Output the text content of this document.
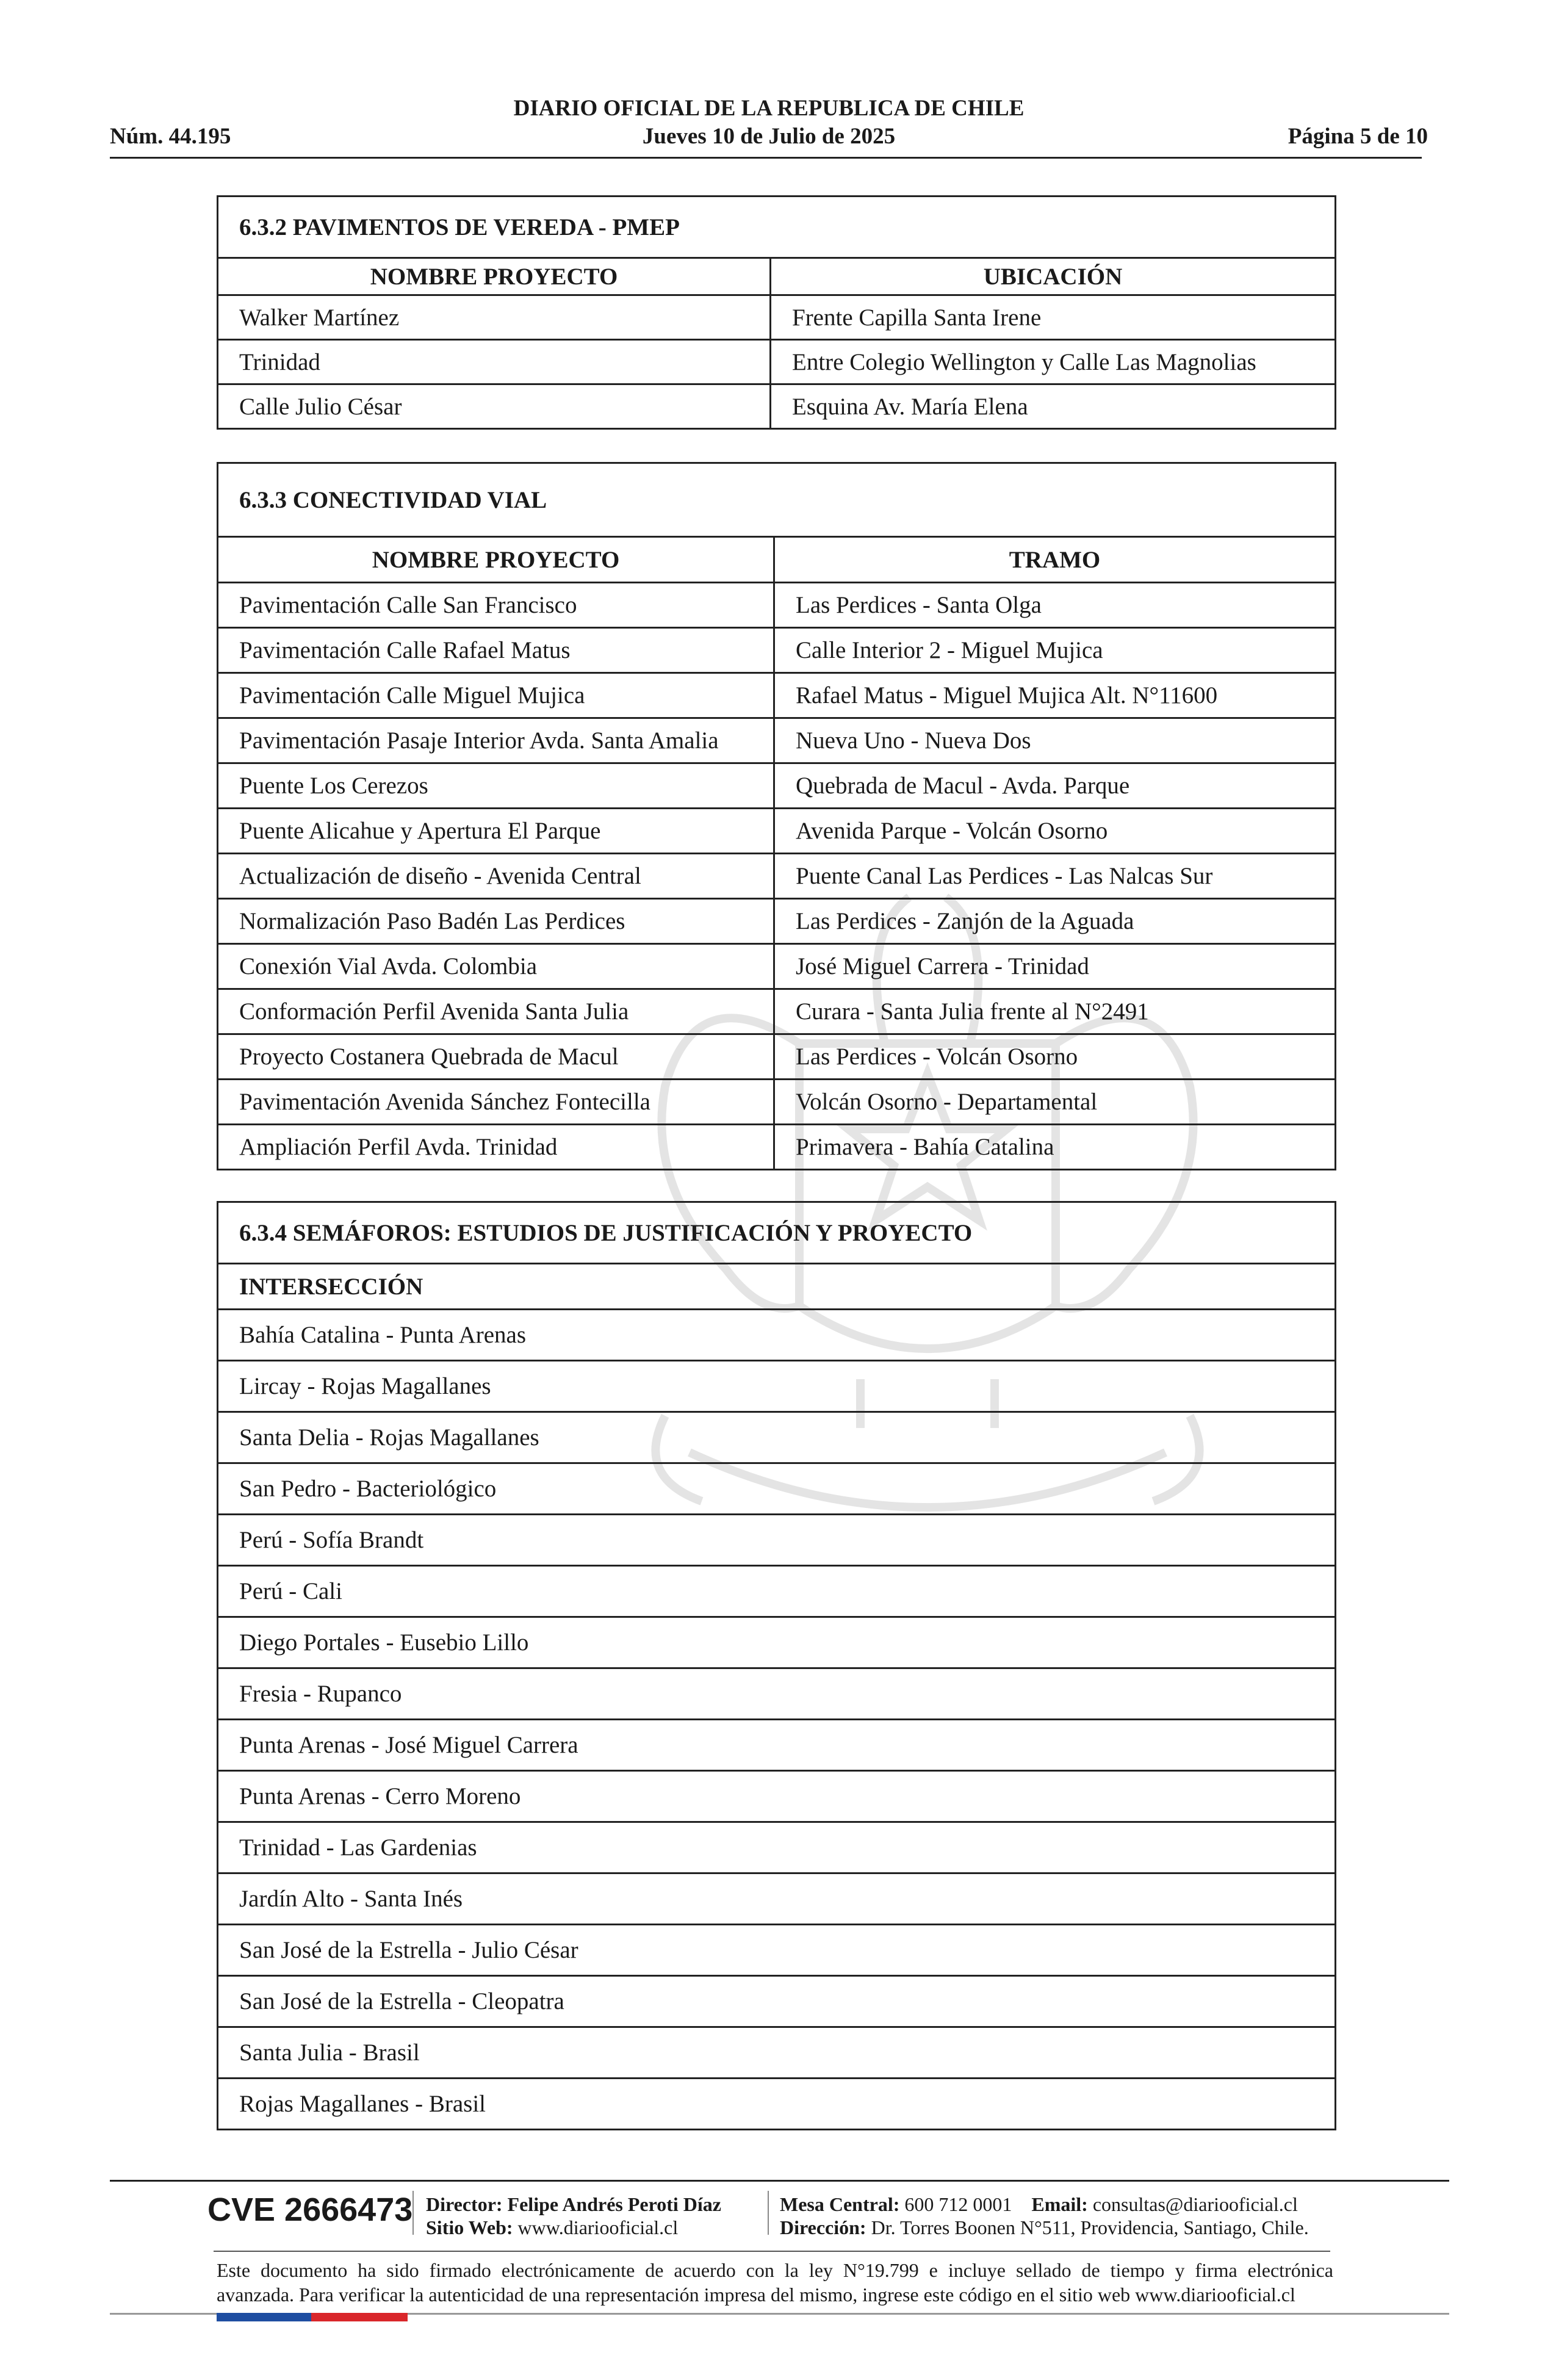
DIARIO OFICIAL DE LA REPUBLICA DE CHILE
Núm. 44.195	Jueves 10 de Julio de 2025	Página 5 de 10
6.3.2 PAVIMENTOS DE VEREDA - PMEP	
NOMBRE PROYECTO	UBICACIÓN
Walker Martínez	Frente Capilla Santa Irene
Trinidad	Entre Colegio Wellington y Calle Las Magnolias
Calle Julio César	Esquina Av. María Elena
6.3.3 CONECTIVIDAD VIAL	
NOMBRE PROYECTO	TRAMO
Pavimentación Calle San Francisco	Las Perdices - Santa Olga
Pavimentación Calle Rafael Matus	Calle Interior 2 - Miguel Mujica
Pavimentación Calle Miguel Mujica	Rafael Matus - Miguel Mujica Alt. N°11600
Pavimentación Pasaje Interior Avda. Santa Amalia	Nueva Uno - Nueva Dos
Puente Los Cerezos	Quebrada de Macul - Avda. Parque
Puente Alicahue y Apertura El Parque	Avenida Parque - Volcán Osorno
Actualización de diseño - Avenida Central	Puente Canal Las Perdices - Las Nalcas Sur
Normalización Paso Badén Las Perdices	Las Perdices - Zanjón de la Aguada
Conexión Vial Avda. Colombia	José Miguel Carrera - Trinidad
Conformación Perfil Avenida Santa Julia	Curara - Santa Julia frente al N°2491
Proyecto Costanera Quebrada de Macul	Las Perdices - Volcán Osorno
Pavimentación Avenida Sánchez Fontecilla	Volcán Osorno - Departamental
Ampliación Perfil Avda. Trinidad	Primavera - Bahía Catalina
6.3.4 SEMÁFOROS: ESTUDIOS DE JUSTIFICACIÓN Y PROYECTO
INTERSECCIÓN
Bahía Catalina - Punta Arenas
Lircay - Rojas Magallanes
Santa Delia - Rojas Magallanes
San Pedro - Bacteriológico
Perú - Sofía Brandt
Perú - Cali
Diego Portales - Eusebio Lillo
Fresia - Rupanco
Punta Arenas - José Miguel Carrera
Punta Arenas - Cerro Moreno
Trinidad - Las Gardenias
Jardín Alto - Santa Inés
San José de la Estrella - Julio César
San José de la Estrella - Cleopatra
Santa Julia - Brasil
Rojas Magallanes - Brasil
CVE 2666473 Director: Felipe Andrés Peroti Díaz
Sitio Web: www.diariooficial.cl
Mesa Central: 600 712 0001 Email: consultas@diariooficial.cl
Dirección: Dr. Torres Boonen N°511, Providencia, Santiago, Chile.
Este documento ha sido firmado electrónicamente de acuerdo con la ley N°19.799 e incluye sellado de tiempo y firma electrónica
avanzada. Para verificar la autenticidad de una representación impresa del mismo, ingrese este código en el sitio web www.diariooficial.cl
